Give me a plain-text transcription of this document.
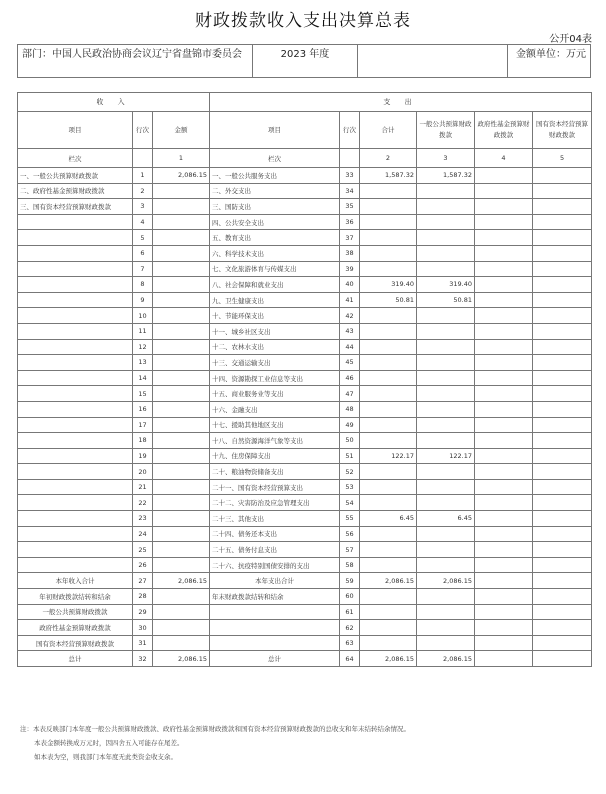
财政拨款收入支出决算总表
公开04表
部门：中国人民政治协商会议辽宁省盘锦市委员会	2023 年度	金额单位：万元
收 入			支 出					
项目	行次	金额	项目	行次	合计	一般公共预算财政拨款	政府性基金预算财政拨款	国有资本经营预算财政拨款
栏次		1	栏次		2	3	4	5
一、一般公共预算财政拨款	1	2,086.15	一、一般公共服务支出	33	1,587.32	1,587.32		
二、政府性基金预算财政拨款	2		二、外交支出	34				
三、国有资本经营预算财政拨款	3		三、国防支出	35				
	4		四、公共安全支出	36				
	5		五、教育支出	37				
	6		六、科学技术支出	38				
	7		七、文化旅游体育与传媒支出	39				
	8		八、社会保障和就业支出	40	319.40	319.40		
	9		九、卫生健康支出	41	50.81	50.81		
	10		十、节能环保支出	42				
	11		十一、城乡社区支出	43				
	12		十二、农林水支出	44				
	13		十三、交通运输支出	45				
	14		十四、资源勘探工业信息等支出	46				
	15		十五、商业服务业等支出	47				
	16		十六、金融支出	48				
	17		十七、援助其他地区支出	49				
	18		十八、自然资源海洋气象等支出	50				
	19		十九、住房保障支出	51	122.17	122.17		
	20		二十、粮油物资储备支出	52				
	21		二十一、国有资本经营预算支出	53				
	22		二十二、灾害防治及应急管理支出	54				
	23		二十三、其他支出	55	6.45	6.45		
	24		二十四、债务还本支出	56				
	25		二十五、债务付息支出	57				
	26		二十六、抗疫特别国债安排的支出	58				
本年收入合计	27	2,086.15	本年支出合计	59	2,086.15	2,086.15		
年初财政拨款结转和结余	28		年末财政拨款结转和结余	60				
一般公共预算财政拨款	29			61				
政府性基金预算财政拨款	30			62				
国有资本经营预算财政拨款	31			63				
总计	32	2,086.15	总计	64	2,086.15	2,086.15		

注：本表反映部门本年度一般公共预算财政拨款、政府性基金预算财政拨款和国有资本经营预算财政拨款的总收支和年末结转结余情况。

本表金额转换成万元时，因四舍五入可能存在尾差。

如本表为空，则我部门本年度无此类资金收支余。
